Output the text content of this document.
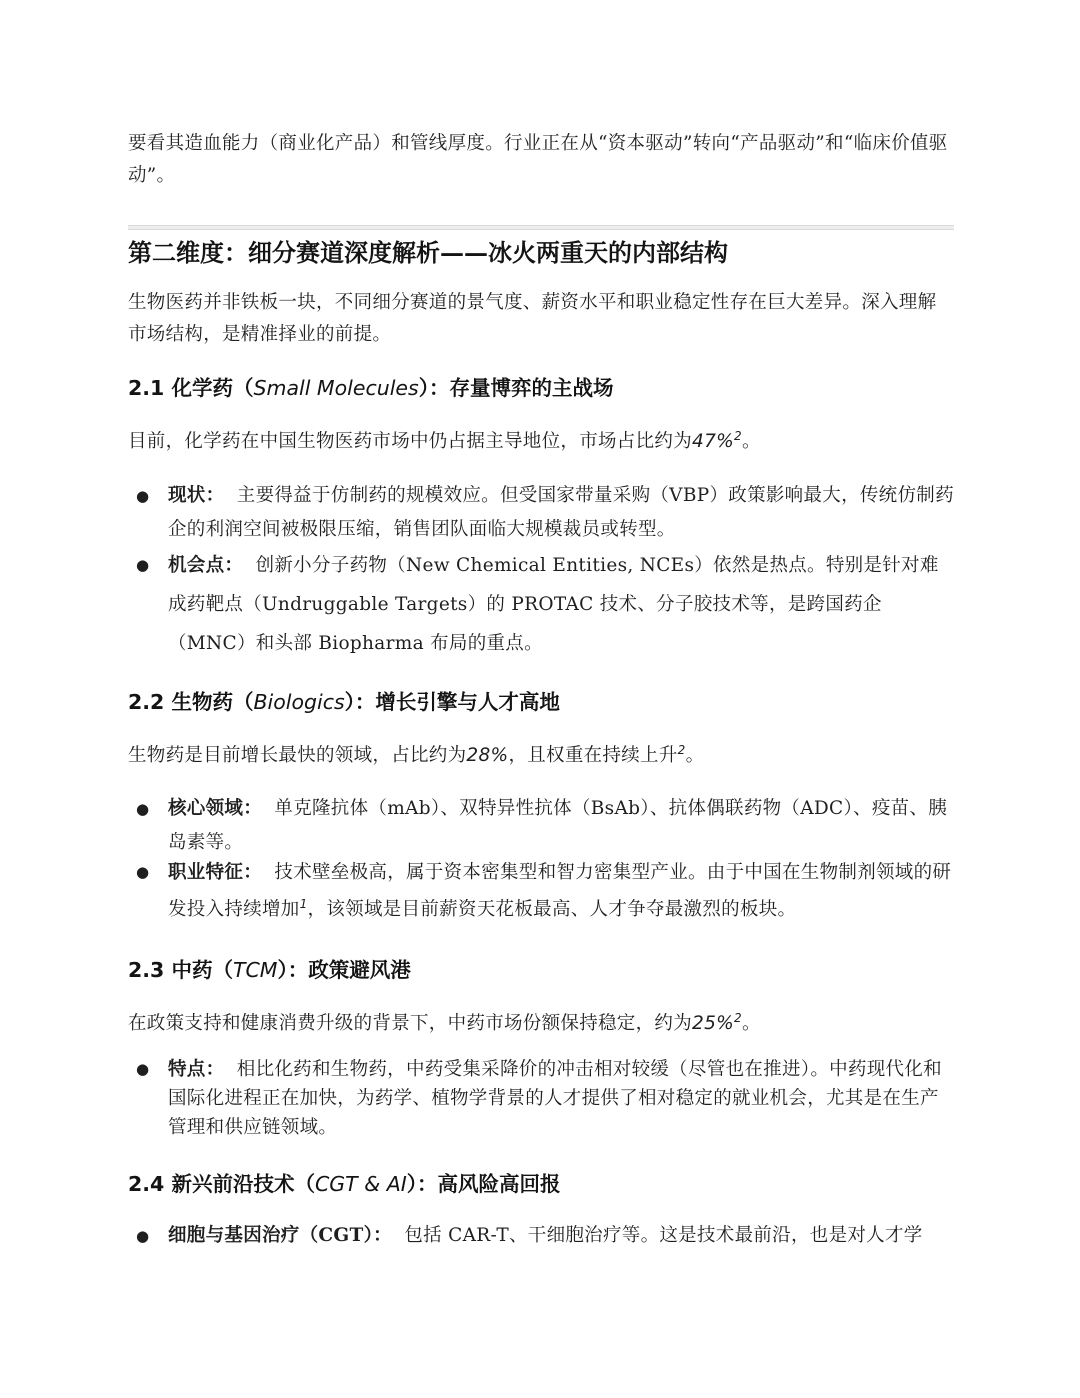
要看其造血能力（商业化产品）和管线厚度。行业正在从“资本驱动”转向“产品驱动”和“临床价值驱动”。

第二维度：细分赛道深度解析——冰火两重天的内部结构

生物医药并非铁板一块，不同细分赛道的景气度、薪资水平和职业稳定性存在巨大差异。深入理解市场结构，是精准择业的前提。

2.1 化学药（Small Molecules）：存量博弈的主战场

目前，化学药在中国生物医药市场中仍占据主导地位，市场占比约为47%$^2$。

● 现状： 主要得益于仿制药的规模效应。但受国家带量采购（VBP）政策影响最大，传统仿制药企的利润空间被极限压缩，销售团队面临大规模裁员或转型。
● 机会点： 创新小分子药物（New Chemical Entities, NCEs）依然是热点。特别是针对难成药靶点（Undruggable Targets）的 PROTAC 技术、分子胶技术等，是跨国药企（MNC）和头部 Biopharma 布局的重点。
2.2 生物药（Biologics）：增长引擎与人才高地

生物药是目前增长最快的领域，占比约为28%，且权重在持续上升$^2$。

● 核心领域： 单克隆抗体（mAb）、双特异性抗体（BsAb）、抗体偶联药物（ADC）、疫苗、胰岛素等。
● 职业特征： 技术壁垒极高，属于资本密集型和智力密集型产业。由于中国在生物制剂领域的研发投入持续增加$^1$，该领域是目前薪资天花板最高、人才争夺最激烈的板块。
2.3 中药（TCM）：政策避风港

在政策支持和健康消费升级的背景下，中药市场份额保持稳定，约为25%$^2$。

● 特点： 相比化药和生物药，中药受集采降价的冲击相对较缓（尽管也在推进）。中药现代化和国际化进程正在加快，为药学、植物学背景的人才提供了相对稳定的就业机会，尤其是在生产管理和供应链领域。
2.4 新兴前沿技术（CGT & AI）：高风险高回报
● 细胞与基因治疗（CGT）： 包括 CAR-T、干细胞治疗等。这是技术最前沿，也是对人才学
